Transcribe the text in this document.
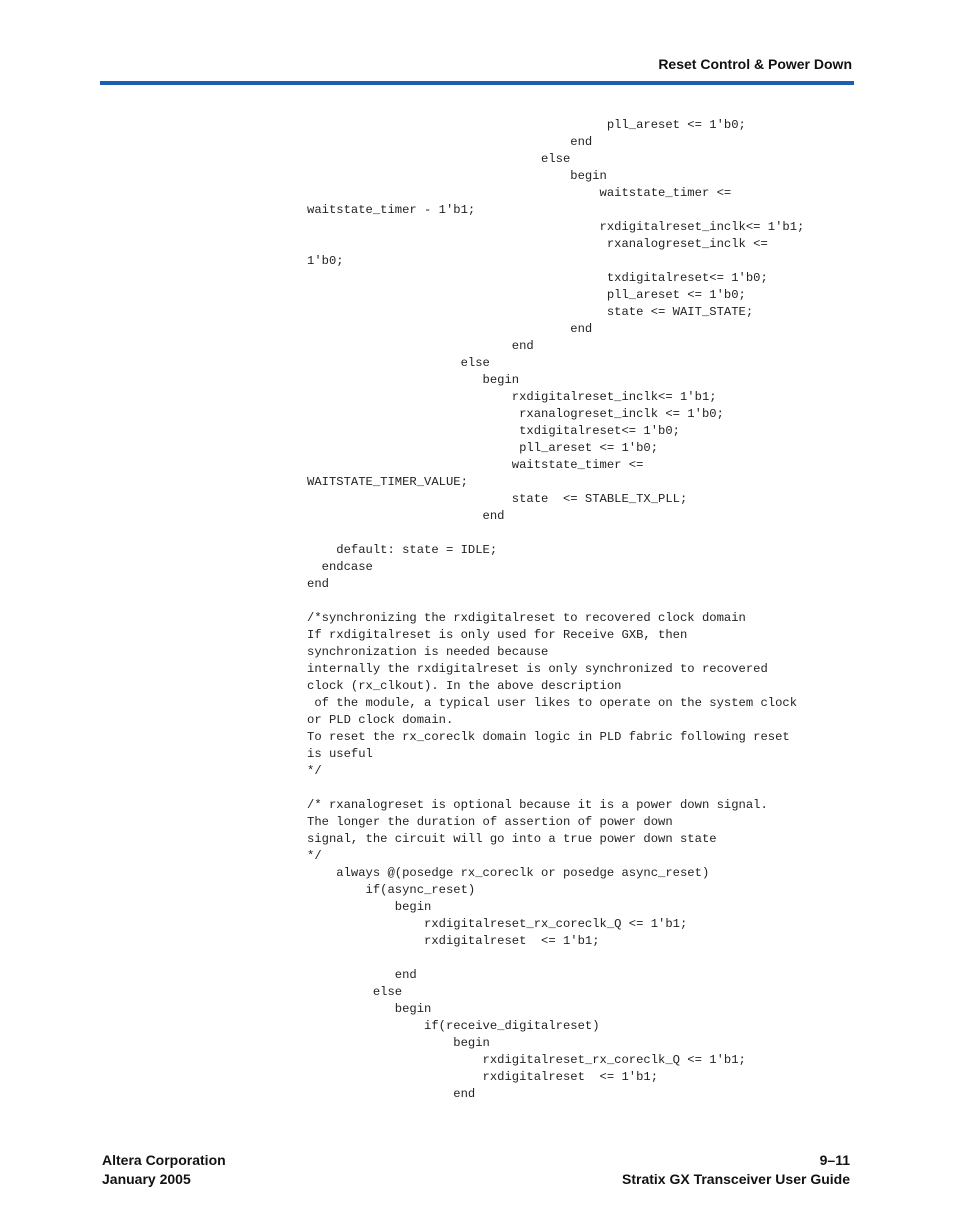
Reset Control & Power Down
pll_areset <= 1'b0;
end
else
begin
waitstate_timer <=
waitstate_timer - 1'b1;
rxdigitalreset_inclk<= 1'b1;
rxanalogreset_inclk <=
1'b0;
txdigitalreset<= 1'b0;
pll_areset <= 1'b0;
state <= WAIT_STATE;
end
end
else
begin
rxdigitalreset_inclk<= 1'b1;
rxanalogreset_inclk <= 1'b0;
txdigitalreset<= 1'b0;
pll_areset <= 1'b0;
waitstate_timer <=
WAITSTATE_TIMER_VALUE;
state  <= STABLE_TX_PLL;
end
default: state = IDLE;
endcase
end
/*synchronizing the rxdigitalreset to recovered clock domain
If rxdigitalreset is only used for Receive GXB, then
synchronization is needed because
internally the rxdigitalreset is only synchronized to recovered
clock (rx_clkout). In the above description
of the module, a typical user likes to operate on the system clock
or PLD clock domain.
To reset the rx_coreclk domain logic in PLD fabric following reset
is useful
*/
/* rxanalogreset is optional because it is a power down signal.
The longer the duration of assertion of power down
signal, the circuit will go into a true power down state
*/
always @(posedge rx_coreclk or posedge async_reset)
if(async_reset)
begin
rxdigitalreset_rx_coreclk_Q <= 1'b1;
rxdigitalreset  <= 1'b1;
end
else
begin
if(receive_digitalreset)
begin
rxdigitalreset_rx_coreclk_Q <= 1'b1;
rxdigitalreset  <= 1'b1;
end
Altera Corporation
January 2005
9–11
Stratix GX Transceiver User Guide
